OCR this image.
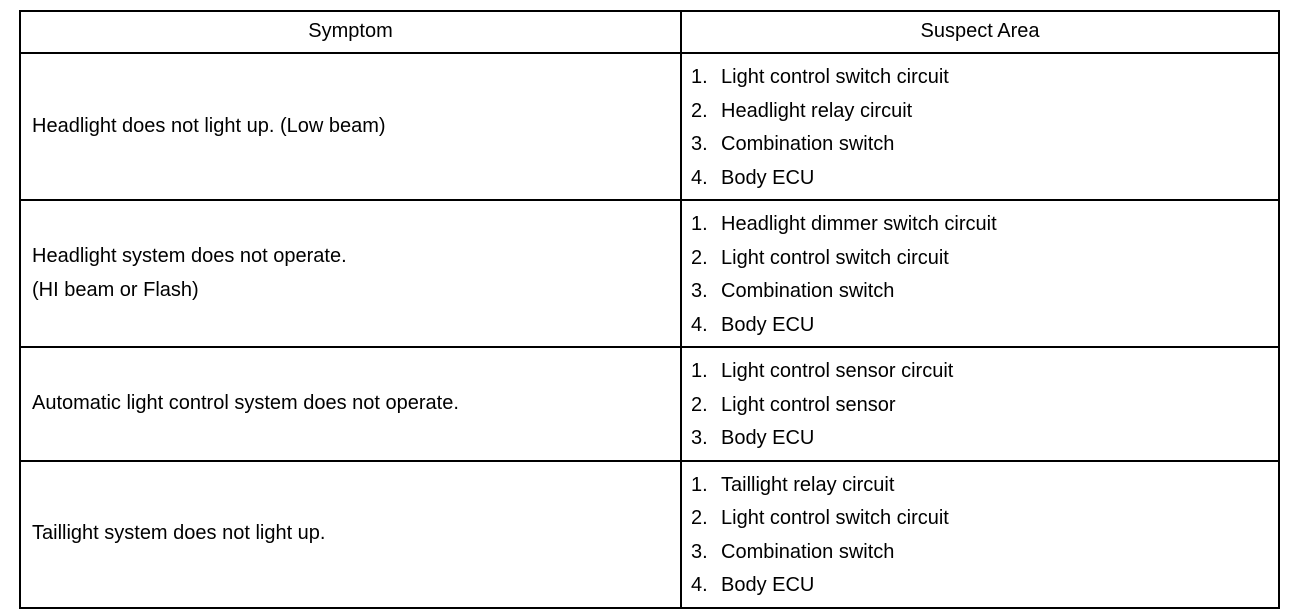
Symptom	Suspect Area

Headlight does not light up. (Low beam)	1. Light control switch circuit
2. Headlight relay circuit
3. Combination switch
4. Body ECU

Headlight system does not operate.
(HI beam or Flash)	1. Headlight dimmer switch circuit
2. Light control switch circuit
3. Combination switch
4. Body ECU

Automatic light control system does not operate.	1. Light control sensor circuit
2. Light control sensor
3. Body ECU

Taillight system does not light up.	1. Taillight relay circuit
2. Light control switch circuit
3. Combination switch
4. Body ECU
